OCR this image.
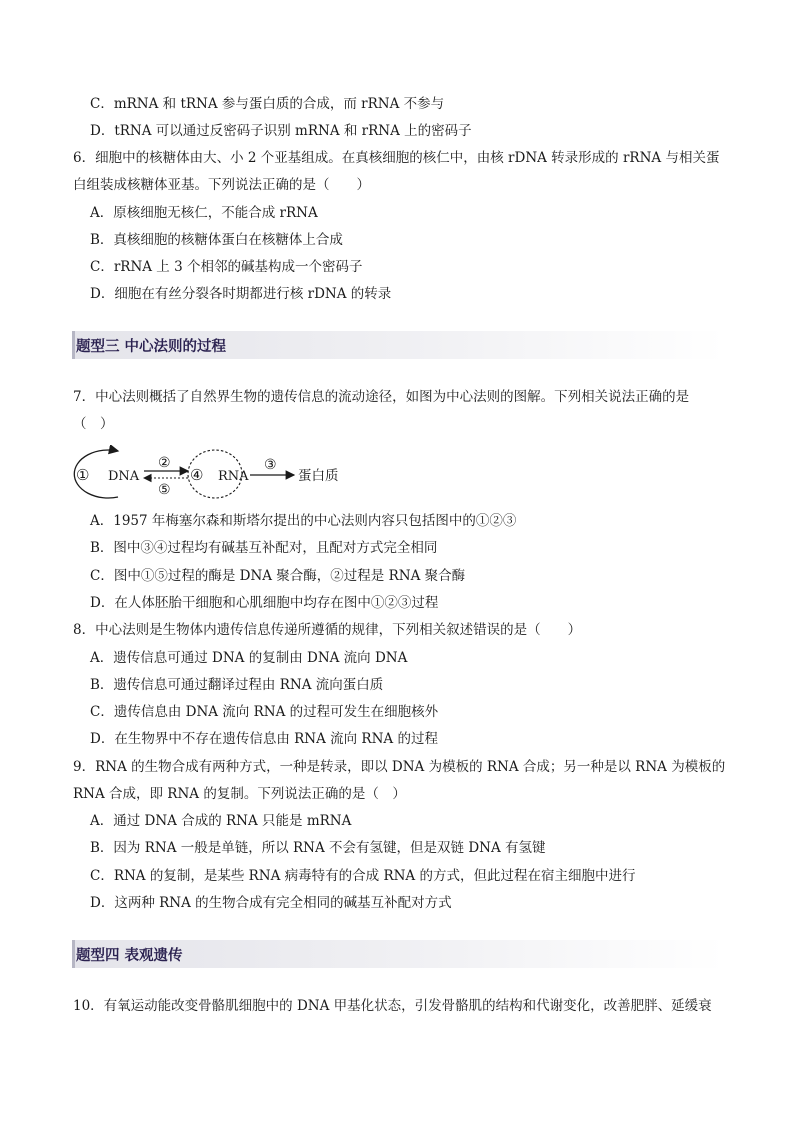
C．mRNA 和 tRNA 参与蛋白质的合成，而 rRNA 不参与
D．tRNA 可以通过反密码子识别 mRNA 和 rRNA 上的密码子
6．细胞中的核糖体由大、小 2 个亚基组成。在真核细胞的核仁中，由核 rDNA 转录形成的 rRNA 与相关蛋
白组装成核糖体亚基。下列说法正确的是（　　）
A．原核细胞无核仁，不能合成 rRNA
B．真核细胞的核糖体蛋白在核糖体上合成
C．rRNA 上 3 个相邻的碱基构成一个密码子
D．细胞在有丝分裂各时期都进行核 rDNA 的转录
题型三 中心法则的过程
7．中心法则概括了自然界生物的遗传信息的流动途径，如图为中心法则的图解。下列相关说法正确的是
（　）
① DNA
②
⑤
④ RNA
③
蛋白质
A．1957 年梅塞尔森和斯塔尔提出的中心法则内容只包括图中的①②③
B．图中③④过程均有碱基互补配对，且配对方式完全相同
C．图中①⑤过程的酶是 DNA 聚合酶，②过程是 RNA 聚合酶
D．在人体胚胎干细胞和心肌细胞中均存在图中①②③过程
8．中心法则是生物体内遗传信息传递所遵循的规律，下列相关叙述错误的是（　　）
A．遗传信息可通过 DNA 的复制由 DNA 流向 DNA
B．遗传信息可通过翻译过程由 RNA 流向蛋白质
C．遗传信息由 DNA 流向 RNA 的过程可发生在细胞核外
D．在生物界中不存在遗传信息由 RNA 流向 RNA 的过程
9．RNA 的生物合成有两种方式，一种是转录，即以 DNA 为模板的 RNA 合成；另一种是以 RNA 为模板的
RNA 合成，即 RNA 的复制。下列说法正确的是（　）
A．通过 DNA 合成的 RNA 只能是 mRNA
B．因为 RNA 一般是单链，所以 RNA 不会有氢键，但是双链 DNA 有氢键
C．RNA 的复制，是某些 RNA 病毒特有的合成 RNA 的方式，但此过程在宿主细胞中进行
D．这两种 RNA 的生物合成有完全相同的碱基互补配对方式
题型四 表观遗传
10．有氧运动能改变骨骼肌细胞中的 DNA 甲基化状态，引发骨骼肌的结构和代谢变化，改善肥胖、延缓衰
